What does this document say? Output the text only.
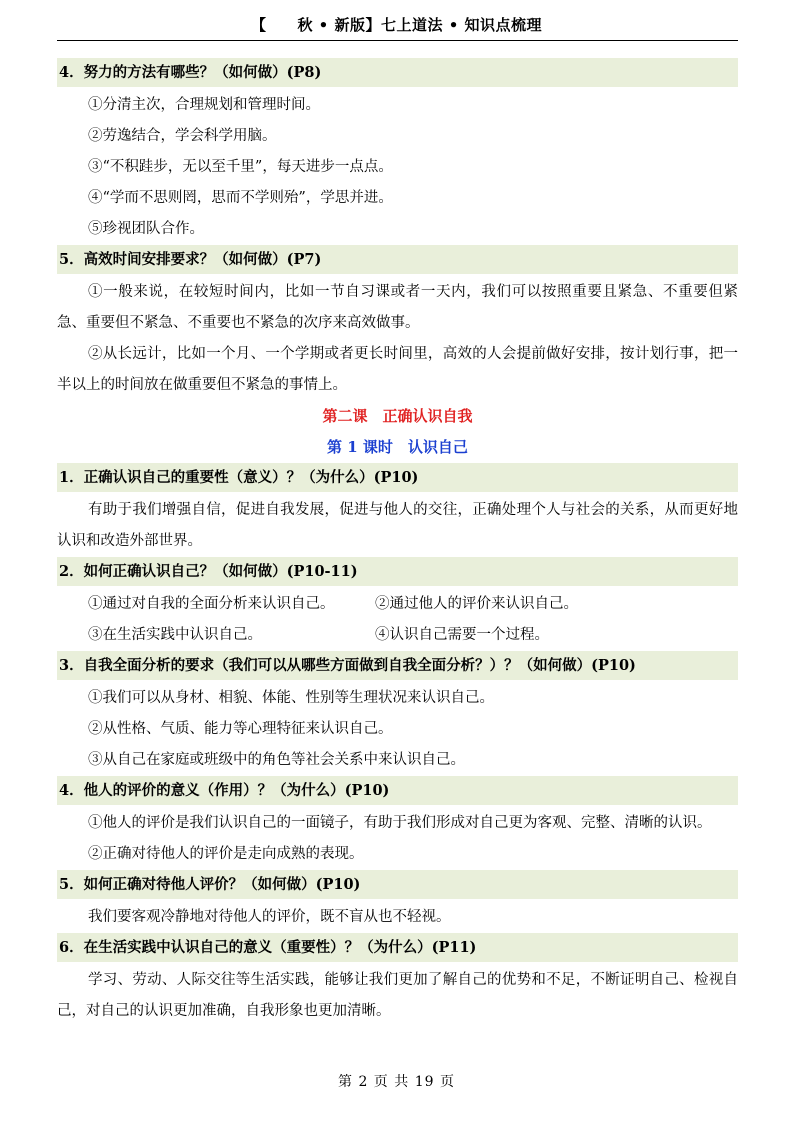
【　　秋 • 新版】七上道法 • 知识点梳理
4．努力的方法有哪些？（如何做）(P8)
①分清主次，合理规划和管理时间。
②劳逸结合，学会科学用脑。
③“不积跬步，无以至千里”，每天进步一点点。
④“学而不思则罔，思而不学则殆”，学思并进。
⑤珍视团队合作。
5．高效时间安排要求？（如何做）(P7)
①一般来说，在较短时间内，比如一节自习课或者一天内，我们可以按照重要且紧急、不重要但紧急、重要但不紧急、不重要也不紧急的次序来高效做事。
②从长远计，比如一个月、一个学期或者更长时间里，高效的人会提前做好安排，按计划行事，把一半以上的时间放在做重要但不紧急的事情上。
第二课　正确认识自我
第 1 课时　认识自己
1．正确认识自己的重要性（意义）？（为什么）(P10)
有助于我们增强自信，促进自我发展，促进与他人的交往，正确处理个人与社会的关系，从而更好地认识和改造外部世界。
2．如何正确认识自己？（如何做）(P10-11)
①通过对自我的全面分析来认识自己。	②通过他人的评价来认识自己。
③在生活实践中认识自己。	④认识自己需要一个过程。
3．自我全面分析的要求（我们可以从哪些方面做到自我全面分析？）？（如何做）(P10)
①我们可以从身材、相貌、体能、性别等生理状况来认识自己。
②从性格、气质、能力等心理特征来认识自己。
③从自己在家庭或班级中的角色等社会关系中来认识自己。
4．他人的评价的意义（作用）？（为什么）(P10)
①他人的评价是我们认识自己的一面镜子，有助于我们形成对自己更为客观、完整、清晰的认识。
②正确对待他人的评价是走向成熟的表现。
5．如何正确对待他人评价？（如何做）(P10)
我们要客观冷静地对待他人的评价，既不盲从也不轻视。
6．在生活实践中认识自己的意义（重要性）？（为什么）(P11)
学习、劳动、人际交往等生活实践，能够让我们更加了解自己的优势和不足，不断证明自己、检视自己，对自己的认识更加准确，自我形象也更加清晰。
第 2 页 共 19 页
